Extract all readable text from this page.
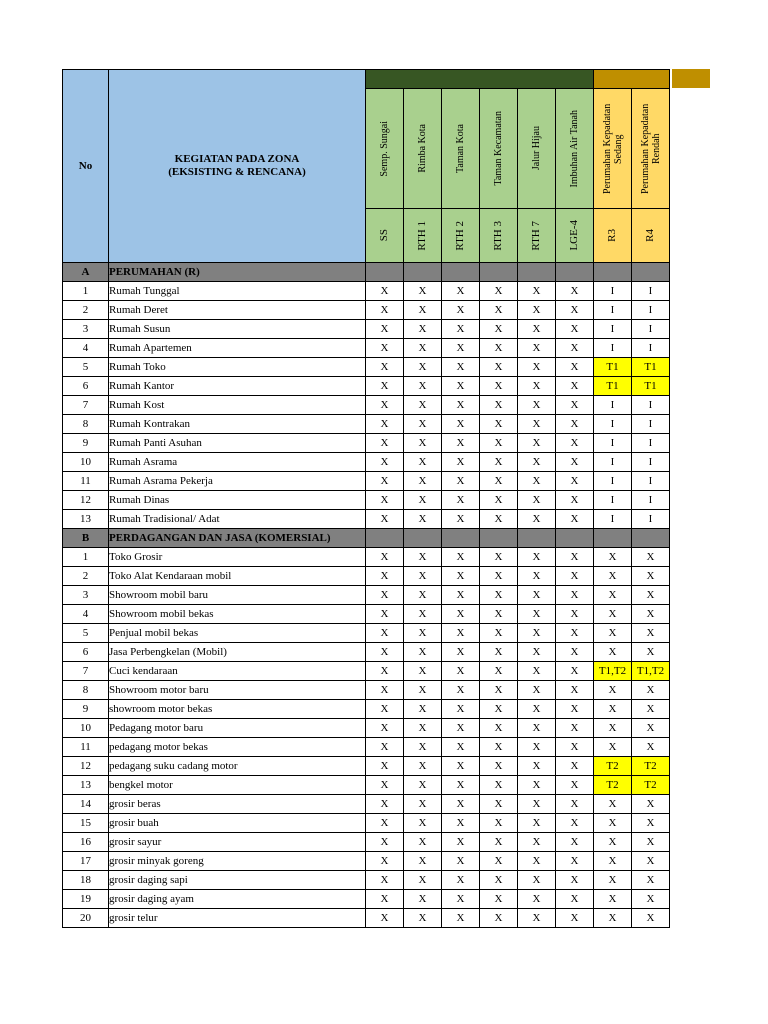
No	KEGIATAN PADA ZONA
(EKSISTING & RENCANA)								

		Semp. Sungai	Rimba Kota	Taman Kota	Taman Kecamatan	Jalur Hijau	Imbuhan Air Tanah	Perumahan Kepadatan Sedang	Perumahan Kepadatan Rendah

		SS	RTH 1	RTH 2	RTH 3	RTH 7	LGE-4	R3	R4

A	PERUMAHAN (R)								
1	Rumah Tunggal	X	X	X	X	X	X	I	I
2	Rumah Deret	X	X	X	X	X	X	I	I
3	Rumah Susun	X	X	X	X	X	X	I	I
4	Rumah Apartemen	X	X	X	X	X	X	I	I
5	Rumah Toko	X	X	X	X	X	X	T1	T1
6	Rumah Kantor	X	X	X	X	X	X	T1	T1
7	Rumah Kost	X	X	X	X	X	X	I	I
8	Rumah Kontrakan	X	X	X	X	X	X	I	I
9	Rumah Panti Asuhan	X	X	X	X	X	X	I	I
10	Rumah Asrama	X	X	X	X	X	X	I	I
11	Rumah Asrama Pekerja	X	X	X	X	X	X	I	I
12	Rumah Dinas	X	X	X	X	X	X	I	I
13	Rumah Tradisional/ Adat	X	X	X	X	X	X	I	I
B	PERDAGANGAN DAN JASA (KOMERSIAL)								
1	Toko Grosir	X	X	X	X	X	X	X	X
2	Toko Alat Kendaraan mobil	X	X	X	X	X	X	X	X
3	Showroom mobil baru	X	X	X	X	X	X	X	X
4	Showroom mobil bekas	X	X	X	X	X	X	X	X
5	Penjual mobil bekas	X	X	X	X	X	X	X	X
6	Jasa Perbengkelan (Mobil)	X	X	X	X	X	X	X	X
7	Cuci kendaraan	X	X	X	X	X	X	T1,T2	T1,T2
8	Showroom motor baru	X	X	X	X	X	X	X	X
9	showroom motor bekas	X	X	X	X	X	X	X	X
10	Pedagang motor baru	X	X	X	X	X	X	X	X
11	pedagang motor bekas	X	X	X	X	X	X	X	X
12	pedagang suku cadang motor	X	X	X	X	X	X	T2	T2
13	bengkel motor	X	X	X	X	X	X	T2	T2
14	grosir beras	X	X	X	X	X	X	X	X
15	grosir buah	X	X	X	X	X	X	X	X
16	grosir sayur	X	X	X	X	X	X	X	X
17	grosir minyak goreng	X	X	X	X	X	X	X	X
18	grosir daging sapi	X	X	X	X	X	X	X	X
19	grosir daging ayam	X	X	X	X	X	X	X	X
20	grosir telur	X	X	X	X	X	X	X	X
